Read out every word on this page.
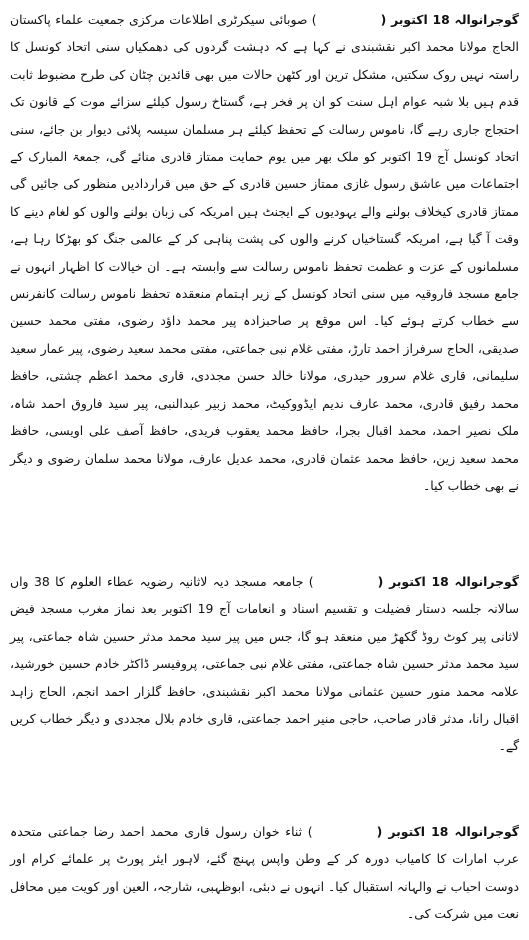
گوجرانوالہ 18 اکتوبر () صوبائی سیکرٹری اطلاعات مرکزی جمعیت علماء پاکستان الحاج مولانا محمد اکبر نقشبندی نے کہا ہے کہ دہشت گردوں کی دھمکیاں سنی اتحاد کونسل کا راستہ نہیں روک سکتیں، مشکل ترین اور کٹھن حالات میں بھی قائدین چٹان کی طرح مضبوط ثابت قدم ہیں بلا شبہ عوام اہل سنت کو ان پر فخر ہے، گستاخ رسول کیلئے سزائے موت کے قانون تک احتجاج جاری رہے گا، ناموس رسالت کے تحفظ کیلئے ہر مسلمان سیسہ پلائی دیوار بن جائے، سنی اتحاد کونسل آج 19 اکتوبر کو ملک بھر میں یوم حمایت ممتاز قادری منائے گی، جمعۃ المبارک کے اجتماعات میں عاشق رسول غازی ممتاز حسین قادری کے حق میں قراردادیں منظور کی جائیں گی ممتاز قادری کیخلاف بولنے والے یہودیوں کے ایجنٹ ہیں امریکہ کی زبان بولنے والوں کو لغام دینے کا وقت آ گیا ہے، امریکہ گستاخیاں کرنے والوں کی پشت پناہی کر کے عالمی جنگ کو بھڑکا رہا ہے، مسلمانوں کے عزت و عظمت تحفظ ناموس رسالت سے وابستہ ہے۔ ان خیالات کا اظہار انہوں نے جامع مسجد فاروقیہ میں سنی اتحاد کونسل کے زیر اہتمام منعقدہ تحفظ ناموس رسالت کانفرنس سے خطاب کرتے ہوئے کیا۔ اس موقع پر صاحبزادہ پیر محمد داؤد رضوی، مفتی محمد حسین صدیقی، الحاج سرفراز احمد تارڑ، مفتی غلام نبی جماعتی، مفتی محمد سعید رضوی، پیر عمار سعید سلیمانی، قاری غلام سرور حیدری، مولانا خالد حسن مجددی، قاری محمد اعظم چشتی، حافظ محمد رفیق قادری، محمد عارف ندیم ایڈووکیٹ، محمد زبیر عبدالنبی، پیر سید فاروق احمد شاہ، ملک نصیر احمد، محمد اقبال بجرا، حافظ محمد یعقوب فریدی، حافظ آصف علی اویسی، حافظ محمد سعید زین، حافظ محمد عثمان قادری، محمد عدیل عارف، مولانا محمد سلمان رضوی و دیگر نے بھی خطاب کیا۔

گوجرانوالہ 18 اکتوبر () جامعہ مسجد دیہ لاثانیہ رضویہ عطاء العلوم کا 38 واں سالانہ جلسہ دستار فضیلت و تقسیم اسناد و انعامات آج 19 اکتوبر بعد نماز مغرب مسجد فیض لاثانی پیر کوٹ روڈ گکھڑ میں منعقد ہو گا، جس میں پیر سید محمد مدثر حسین شاہ جماعتی، پیر سید محمد مدثر حسین شاہ جماعتی، مفتی غلام نبی جماعتی، پروفیسر ڈاکٹر خادم حسین خورشید، علامہ محمد منور حسین عثمانی مولانا محمد اکبر نقشبندی، حافظ گلزار احمد انجم، الحاج زاہد اقبال رانا، مدثر قادر صاحب، حاجی منیر احمد جماعتی، قاری خادم بلال مجددی و دیگر خطاب کریں گے۔

گوجرانوالہ 18 اکتوبر () ثناء خوان رسول قاری محمد احمد رضا جماعتی متحدہ عرب امارات کا کامیاب دورہ کر کے وطن واپس پہنچ گئے، لاہور ایئر پورٹ پر علمائے کرام اور دوست احباب نے والہانہ استقبال کیا۔ انہوں نے دبئی، ابوظہبی، شارجہ، العین اور کویت میں محافل نعت میں شرکت کی۔
